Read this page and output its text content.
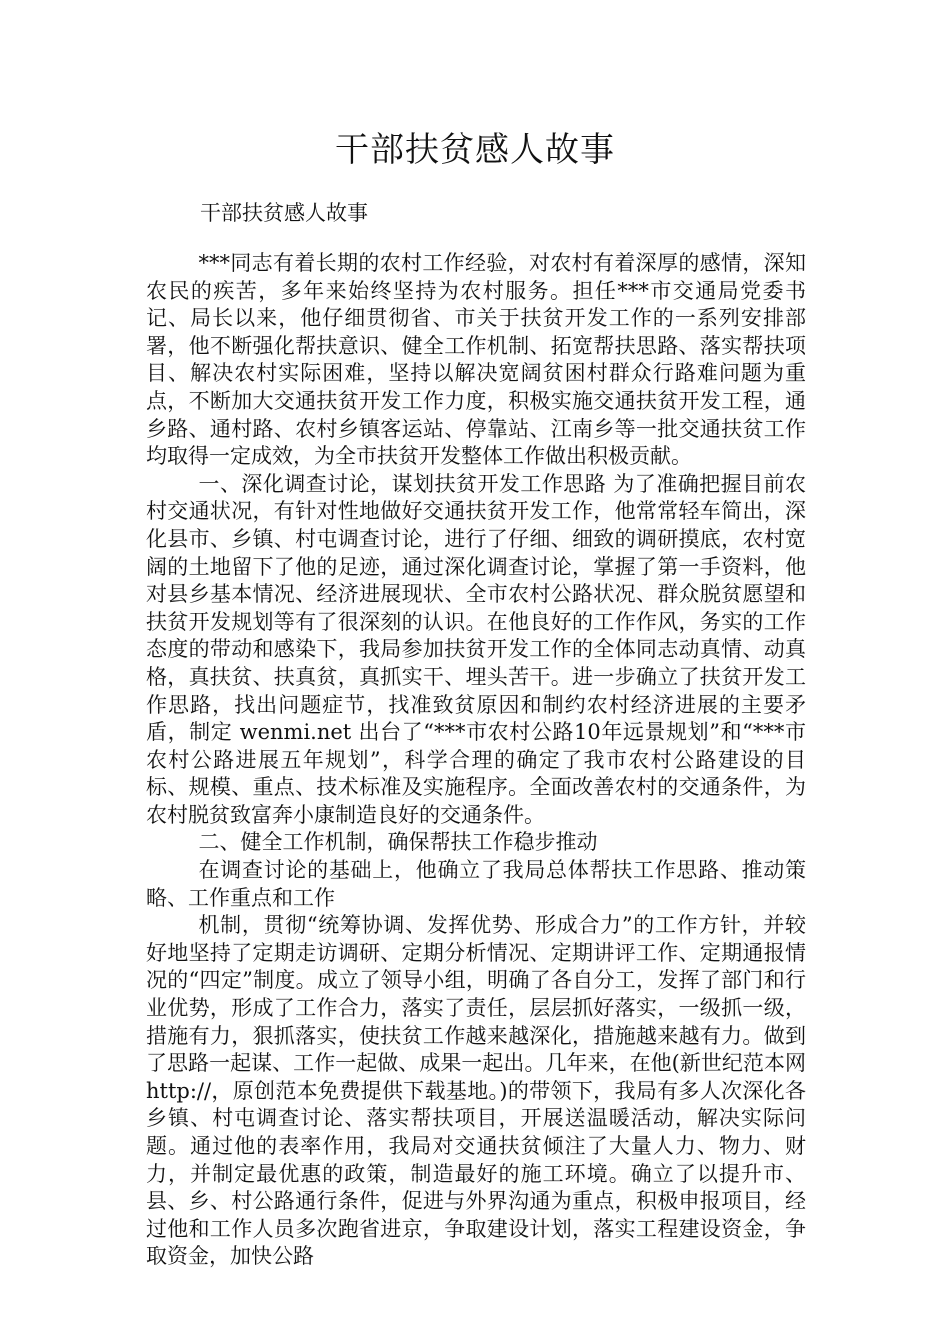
干部扶贫感人故事
干部扶贫感人故事

***同志有着长期的农村工作经验，对农村有着深厚的感情，深知农民的疾苦，多年来始终坚持为农村服务。担任***市交通局党委书记、局长以来，他仔细贯彻省、市关于扶贫开发工作的一系列安排部署，他不断强化帮扶意识、健全工作机制、拓宽帮扶思路、落实帮扶项目、解决农村实际困难，坚持以解决宽阔贫困村群众行路难问题为重点，不断加大交通扶贫开发工作力度，积极实施交通扶贫开发工程，通乡路、通村路、农村乡镇客运站、停靠站、江南乡等一批交通扶贫工作均取得一定成效，为全市扶贫开发整体工作做出积极贡献。

一、深化调查讨论，谋划扶贫开发工作思路 为了准确把握目前农村交通状况，有针对性地做好交通扶贫开发工作，他常常轻车简出，深化县市、乡镇、村屯调查讨论，进行了仔细、细致的调研摸底，农村宽阔的土地留下了他的足迹，通过深化调查讨论，掌握了第一手资料，他对县乡基本情况、经济进展现状、全市农村公路状况、群众脱贫愿望和扶贫开发规划等有了很深刻的认识。在他良好的工作作风，务实的工作态度的带动和感染下，我局参加扶贫开发工作的全体同志动真情、动真格，真扶贫、扶真贫，真抓实干、埋头苦干。进一步确立了扶贫开发工作思路，找出问题症节，找准致贫原因和制约农村经济进展的主要矛盾，制定 wenmi.net 出台了“***市农村公路10年远景规划”和“***市农村公路进展五年规划”，科学合理的确定了我市农村公路建设的目标、规模、重点、技术标准及实施程序。全面改善农村的交通条件，为农村脱贫致富奔小康制造良好的交通条件。

二、健全工作机制，确保帮扶工作稳步推动

在调查讨论的基础上，他确立了我局总体帮扶工作思路、推动策略、工作重点和工作

机制，贯彻“统筹协调、发挥优势、形成合力”的工作方针，并较好地坚持了定期走访调研、定期分析情况、定期讲评工作、定期通报情况的“四定”制度。成立了领导小组，明确了各自分工，发挥了部门和行业优势，形成了工作合力，落实了责任，层层抓好落实，一级抓一级，措施有力，狠抓落实，使扶贫工作越来越深化，措施越来越有力。做到了思路一起谋、工作一起做、成果一起出。几年来，在他(新世纪范本网 http://，原创范本免费提供下载基地。)的带领下，我局有多人次深化各乡镇、村屯调查讨论、落实帮扶项目，开展送温暖活动，解决实际问题。通过他的表率作用，我局对交通扶贫倾注了大量人力、物力、财力，并制定最优惠的政策，制造最好的施工环境。确立了以提升市、县、乡、村公路通行条件，促进与外界沟通为重点，积极申报项目，经过他和工作人员多次跑省进京，争取建设计划，落实工程建设资金，争取资金，加快公路
